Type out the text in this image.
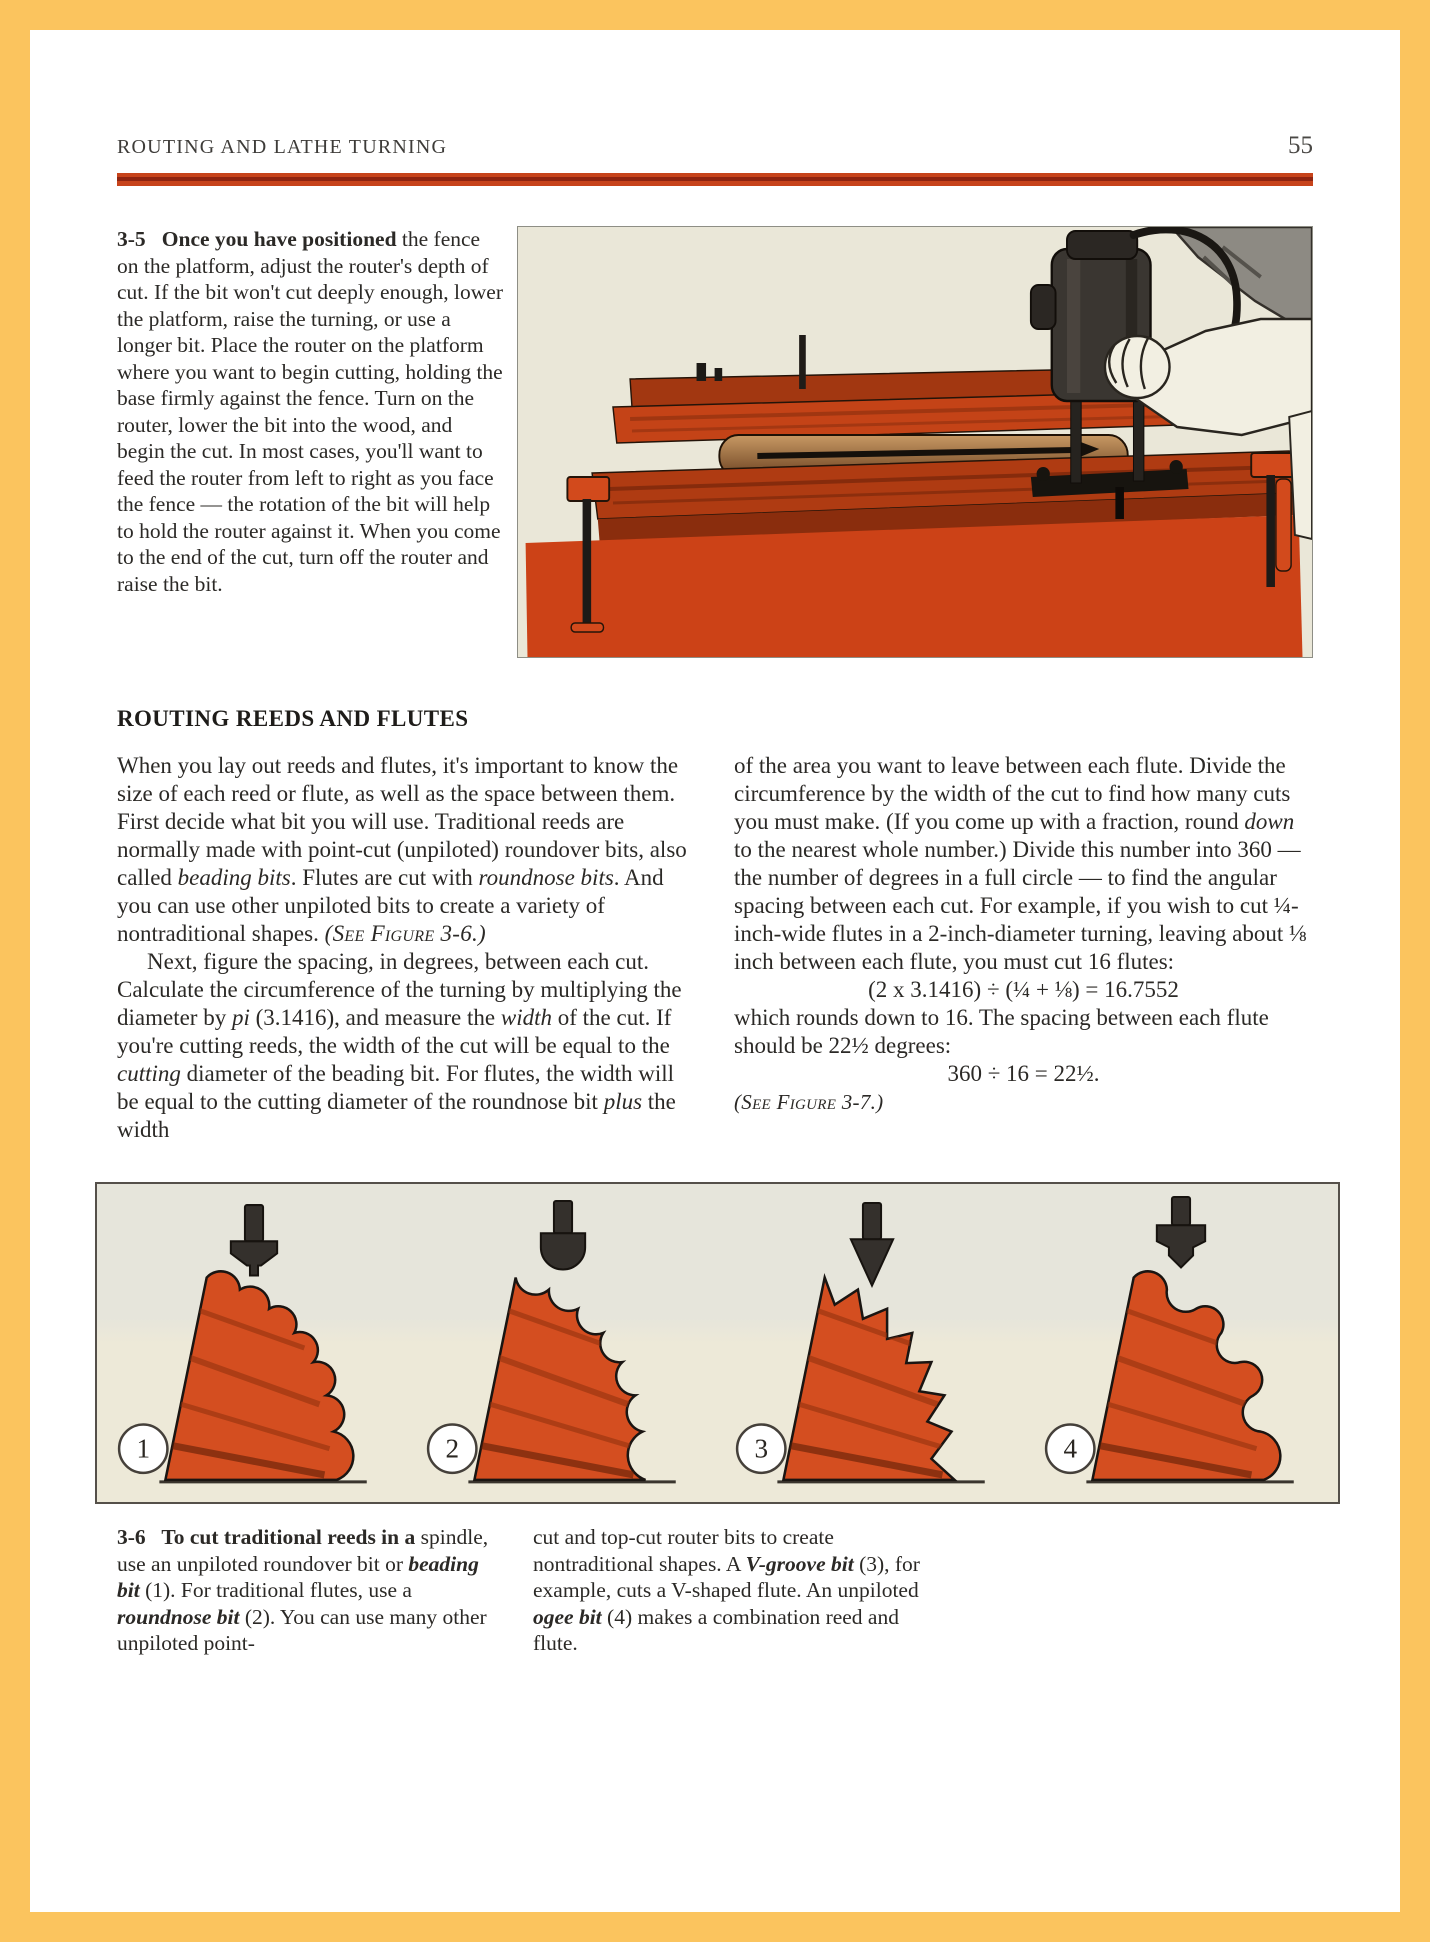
ROUTING AND LATHE TURNING	55
3-5  Once you have positioned the fence on the platform, adjust the router's depth of cut. If the bit won't cut deeply enough, lower the platform, raise the turning, or use a longer bit. Place the router on the platform where you want to begin cutting, holding the base firmly against the fence. Turn on the router, lower the bit into the wood, and begin the cut. In most cases, you'll want to feed the router from left to right as you face the fence — the rotation of the bit will help to hold the router against it. When you come to the end of the cut, turn off the router and raise the bit.
ROUTING REEDS AND FLUTES

When you lay out reeds and flutes, it's important to know the size of each reed or flute, as well as the space between them. First decide what bit you will use. Traditional reeds are normally made with point-cut (unpiloted) roundover bits, also called beading bits. Flutes are cut with roundnose bits. And you can use other unpiloted bits to create a variety of nontraditional shapes. (See Figure 3-6.)

Next, figure the spacing, in degrees, between each cut. Calculate the circumference of the turning by multiplying the diameter by pi (3.1416), and measure the width of the cut. If you're cutting reeds, the width of the cut will be equal to the cutting diameter of the beading bit. For flutes, the width will be equal to the cutting diameter of the roundnose bit plus the width

of the area you want to leave between each flute. Divide the circumference by the width of the cut to find how many cuts you must make. (If you come up with a fraction, round down to the nearest whole number.) Divide this number into 360 — the number of degrees in a full circle — to find the angular spacing between each cut. For example, if you wish to cut ¼-inch-wide flutes in a 2-inch-diameter turning, leaving about ⅛ inch between each flute, you must cut 16 flutes:

(2 x 3.1416) ÷ (¼ + ⅛) = 16.7552

which rounds down to 16. The spacing between each flute should be 22½ degrees:

360 ÷ 16 = 22½.

(See Figure 3-7.)

1	2	3	4
3-6  To cut traditional reeds in a spindle, use an unpiloted roundover bit or beading bit (1). For traditional flutes, use a roundnose bit (2). You can use many other unpiloted point-
cut and top-cut router bits to create nontraditional shapes. A V-groove bit (3), for example, cuts a V-shaped flute. An unpiloted ogee bit (4) makes a combination reed and flute.
